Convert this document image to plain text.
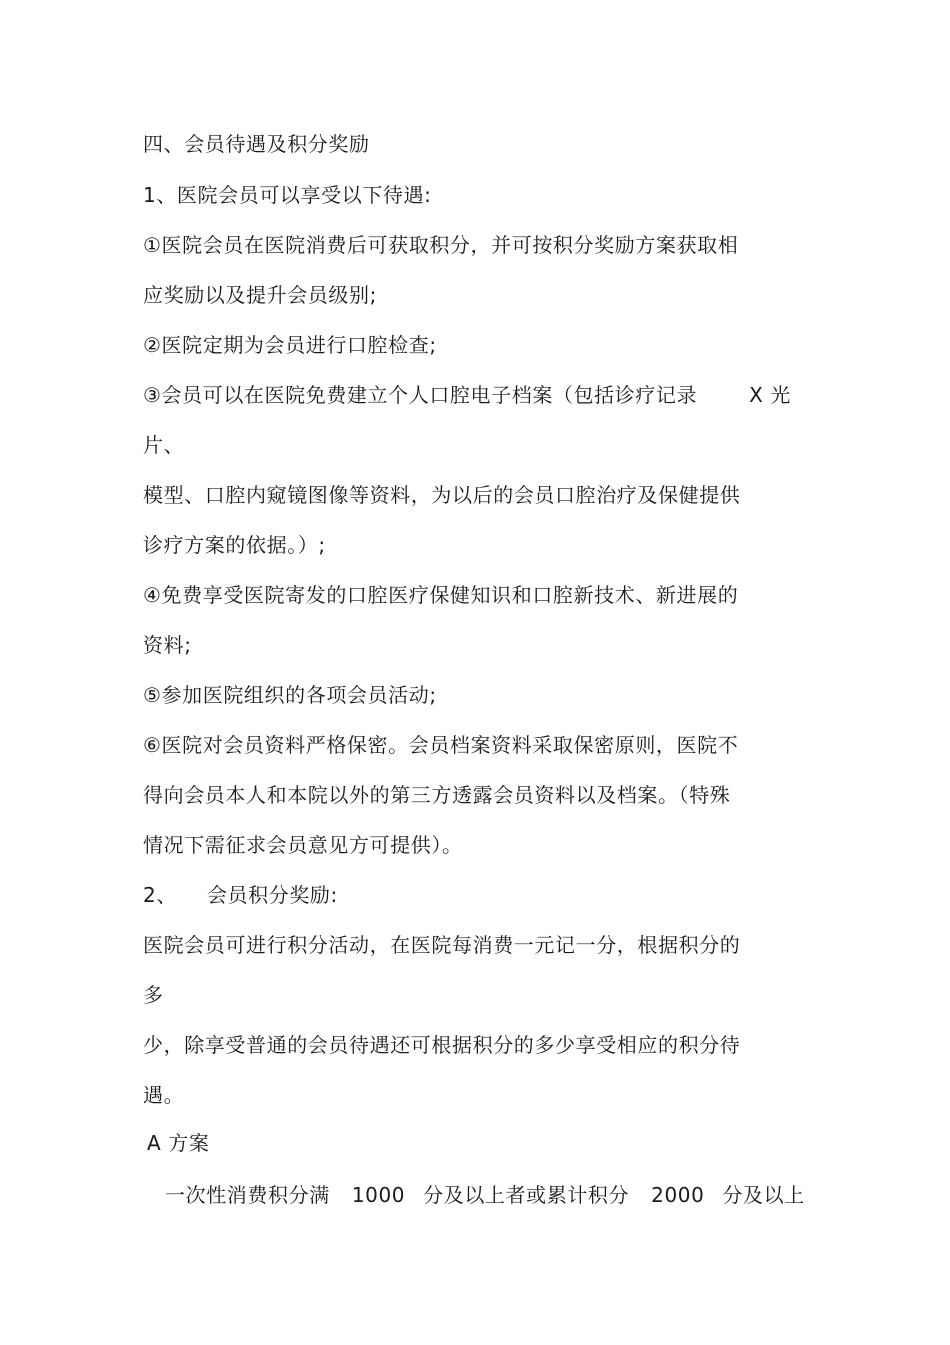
四、会员待遇及积分奖励
1、医院会员可以享受以下待遇:
①医院会员在医院消费后可获取积分，并可按积分奖励方案获取相
应奖励以及提升会员级别;
②医院定期为会员进行口腔检查;
③会员可以在医院免费建立个人口腔电子档案（包括诊疗记录	X 光
片、
模型、口腔内窥镜图像等资料，为以后的会员口腔治疗及保健提供
诊疗方案的依据。）;
④免费享受医院寄发的口腔医疗保健知识和口腔新技术、新进展的
资料;
⑤参加医院组织的各项会员活动;
⑥医院对会员资料严格保密。会员档案资料采取保密原则，医院不
得向会员本人和本院以外的第三方透露会员资料以及档案。（特殊
情况下需征求会员意见方可提供）。
2、 会员积分奖励:
医院会员可进行积分活动，在医院每消费一元记一分，根据积分的
多
少，除享受普通的会员待遇还可根据积分的多少享受相应的积分待
遇。
A 方案
一次性消费积分满 1000 分及以上者或累计积分 2000 分及以上
